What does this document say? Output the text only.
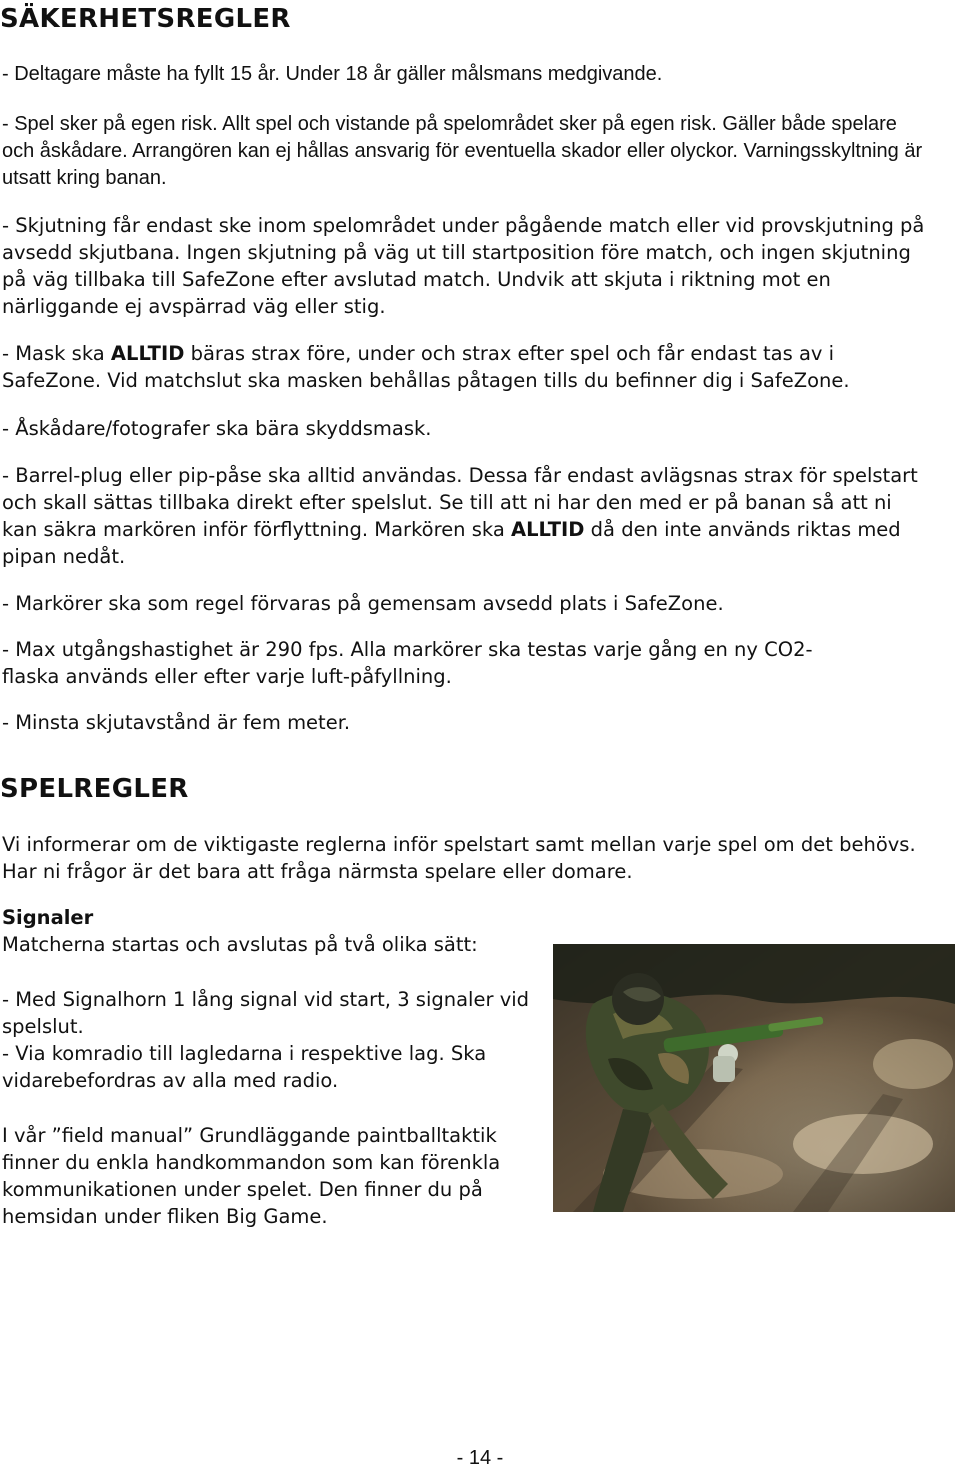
SÄKERHETSREGLER

- Deltagare måste ha fyllt 15 år. Under 18 år gäller målsmans medgivande.

- Spel sker på egen risk. Allt spel och vistande på spelområdet sker på egen risk. Gäller både spelare och åskådare. Arrangören kan ej hållas ansvarig för eventuella skador eller olyckor. Varningsskyltning är utsatt kring banan.

- Skjutning får endast ske inom spelområdet under pågående match eller vid provskjutning på avsedd skjutbana. Ingen skjutning på väg ut till startposition före match, och ingen skjutning på väg tillbaka till SafeZone efter avslutad match. Undvik att skjuta i riktning mot en närliggande ej avspärrad väg eller stig.

- Mask ska ALLTID bäras strax före, under och strax efter spel och får endast tas av i SafeZone. Vid matchslut ska masken behållas påtagen tills du befinner dig i SafeZone.

- Åskådare/fotografer ska bära skyddsmask.

- Barrel-plug eller pip-påse ska alltid användas. Dessa får endast avlägsnas strax för spelstart och skall sättas tillbaka direkt efter spelslut. Se till att ni har den med er på banan så att ni kan säkra markören inför förflyttning. Markören ska ALLTID då den inte används riktas med pipan nedåt.

- Markörer ska som regel förvaras på gemensam avsedd plats i SafeZone.

- Max utgångshastighet är 290 fps. Alla markörer ska testas varje gång en ny CO2-flaska används eller efter varje luft-påfyllning.

- Minsta skjutavstånd är fem meter.

SPELREGLER

Vi informerar om de viktigaste reglerna inför spelstart samt mellan varje spel om det behövs. Har ni frågor är det bara att fråga närmsta spelare eller domare.

Signaler

Matcherna startas och avslutas på två olika sätt:

- Med Signalhorn 1 lång signal vid start, 3 signaler vid spelslut.

- Via komradio till lagledarna i respektive lag. Ska vidarebefordras av alla med radio.

I vår ”field manual” Grundläggande paintballtaktik finner du enkla handkommandon som kan förenkla kommunikationen under spelet. Den finner du på hemsidan under fliken Big Game.

- 14 -
